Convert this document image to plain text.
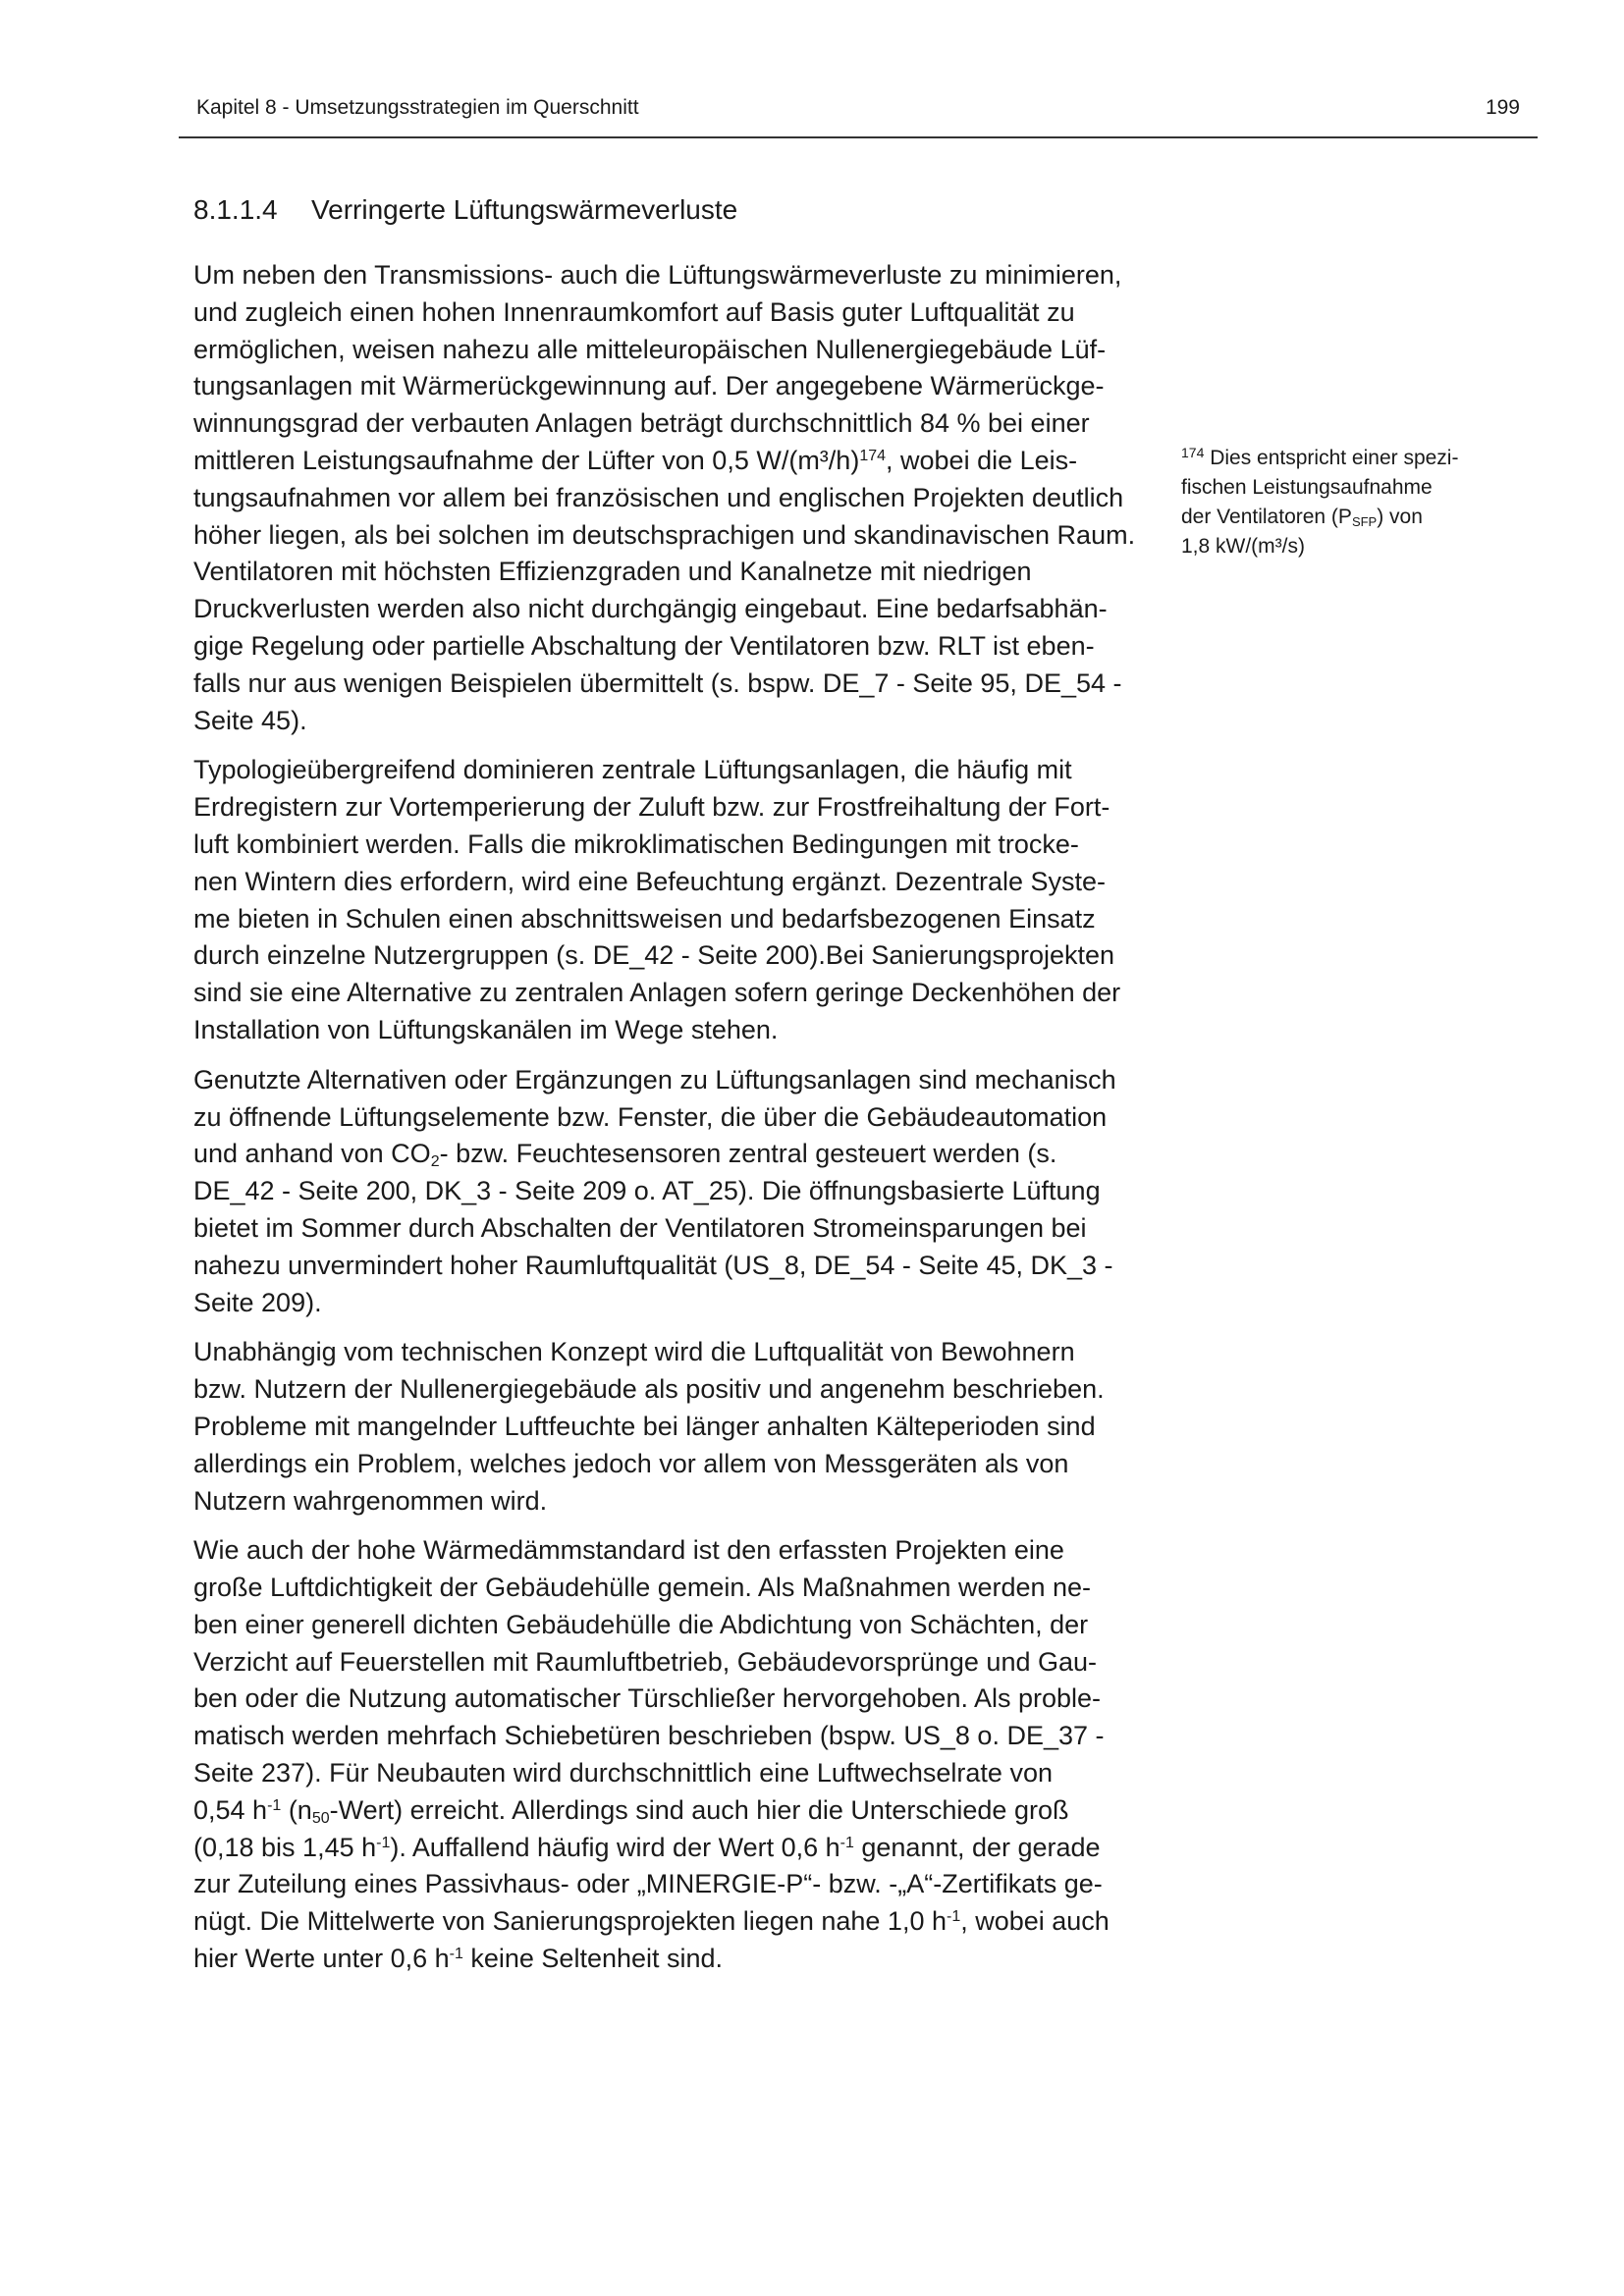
Kapitel 8 - Umsetzungsstrategien im Querschnitt	199
8.1.1.4 Verringerte Lüftungswärmeverluste
Um neben den Transmissions- auch die Lüftungswärmeverluste zu minimieren,
und zugleich einen hohen Innenraumkomfort auf Basis guter Luftqualität zu
ermöglichen, weisen nahezu alle mitteleuropäischen Nullenergiegebäude Lüf-
tungsanlagen mit Wärmerückgewinnung auf. Der angegebene Wärmerückge-
winnungsgrad der verbauten Anlagen beträgt durchschnittlich 84 % bei einer
mittleren Leistungsaufnahme der Lüfter von 0,5 $W/(m^3/h)^{174}$, wobei die Leis-
tungsaufnahmen vor allem bei französischen und englischen Projekten deutlich
höher liegen, als bei solchen im deutschsprachigen und skandinavischen Raum.
Ventilatoren mit höchsten Effizienzgraden und Kanalnetze mit niedrigen
Druckverlusten werden also nicht durchgängig eingebaut. Eine bedarfsabhän-
gige Regelung oder partielle Abschaltung der Ventilatoren bzw. RLT ist eben-
falls nur aus wenigen Beispielen übermittelt (s. bspw. DE_7 - Seite 95, DE_54 -
Seite 45).
Typologieübergreifend dominieren zentrale Lüftungsanlagen, die häufig mit
Erdregistern zur Vortemperierung der Zuluft bzw. zur Frostfreihaltung der Fort-
luft kombiniert werden. Falls die mikroklimatischen Bedingungen mit trocke-
nen Wintern dies erfordern, wird eine Befeuchtung ergänzt. Dezentrale Syste-
me bieten in Schulen einen abschnittsweisen und bedarfsbezogenen Einsatz
durch einzelne Nutzergruppen (s. DE_42 - Seite 200).Bei Sanierungsprojekten
sind sie eine Alternative zu zentralen Anlagen sofern geringe Deckenhöhen der
Installation von Lüftungskanälen im Wege stehen.
Genutzte Alternativen oder Ergänzungen zu Lüftungsanlagen sind mechanisch
zu öffnende Lüftungselemente bzw. Fenster, die über die Gebäudeautomation
und anhand von $CO_2-$ bzw. Feuchtesensoren zentral gesteuert werden (s.
DE_42 - Seite 200, DK_3 - Seite 209 o. AT_25). Die öffnungsbasierte Lüftung
bietet im Sommer durch Abschalten der Ventilatoren Stromeinsparungen bei
nahezu unvermindert hoher Raumluftqualität (US_8, DE_54 - Seite 45, DK_3 -
Seite 209).
Unabhängig vom technischen Konzept wird die Luftqualität von Bewohnern
bzw. Nutzern der Nullenergiegebäude als positiv und angenehm beschrieben.
Probleme mit mangelnder Luftfeuchte bei länger anhalten Kälteperioden sind
allerdings ein Problem, welches jedoch vor allem von Messgeräten als von
Nutzern wahrgenommen wird.
Wie auch der hohe Wärmedämmstandard ist den erfassten Projekten eine
große Luftdichtigkeit der Gebäudehülle gemein. Als Maßnahmen werden ne-
ben einer generell dichten Gebäudehülle die Abdichtung von Schächten, der
Verzicht auf Feuerstellen mit Raumluftbetrieb, Gebäudevorsprünge und Gau-
ben oder die Nutzung automatischer Türschließer hervorgehoben. Als proble-
matisch werden mehrfach Schiebetüren beschrieben (bspw. US_8 o. DE_37 -
Seite 237). Für Neubauten wird durchschnittlich eine Luftwechselrate von
0,54 $h^{-1}$ $(n_{50}-Wert)$ erreicht. Allerdings sind auch hier die Unterschiede groß
(0,18 bis 1,45 $h^{-1}$). Auffallend häufig wird der Wert 0,6 $h^{-1}$ genannt, der gerade
zur Zuteilung eines Passivhaus- oder „MINERGIE-P“- bzw. -„A“-Zertifikats ge-
nügt. Die Mittelwerte von Sanierungsprojekten liegen nahe 1,0 $h^{-1}$, wobei auch
hier Werte unter 0,6 $h^{-1}$ keine Seltenheit sind.
$^{174}$ Dies entspricht einer spezi-
fischen Leistungsaufnahme
der Ventilatoren $(P_{SFP})$ von
1,8 kW/(m³/s)
